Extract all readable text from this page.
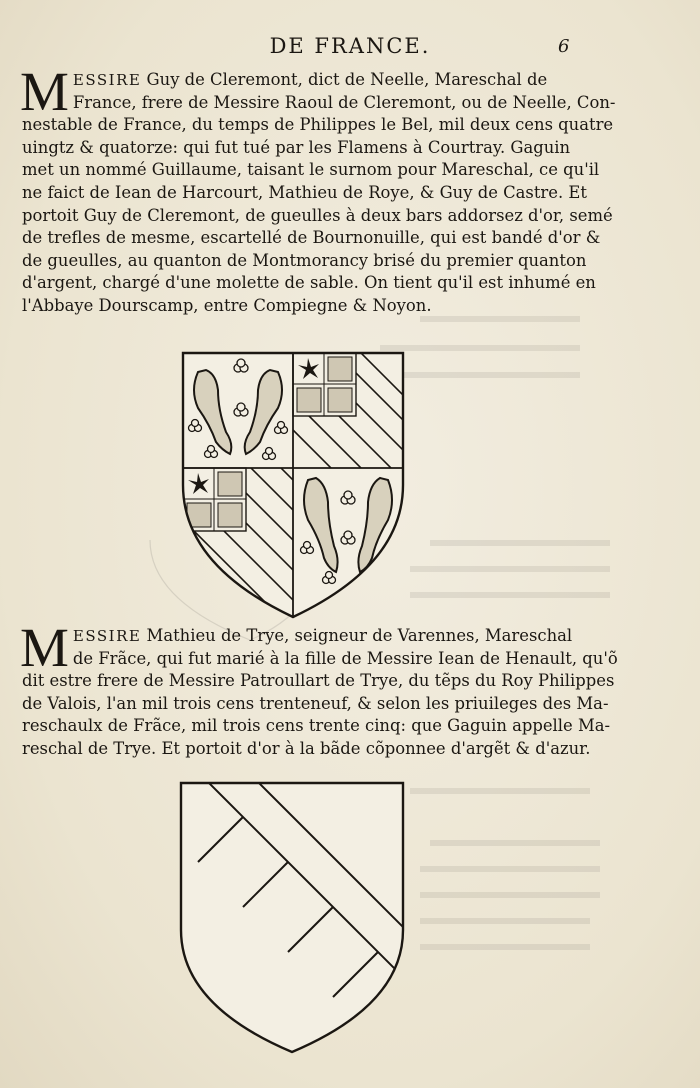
DE FRANCE.	6
M ESSIRE Guy de Cleremont, dict de Neelle, Mareschal de
France, frere de Messire Raoul de Cleremont, ou de Neelle, Con-
nestable de France, du temps de Philippes le Bel, mil deux cens quatre
uingtz & quatorze: qui fut tué par les Flamens à Courtray. Gaguin
met un nommé Guillaume, taisant le surnom pour Mareschal, ce qu'il
ne faict de Iean de Harcourt, Mathieu de Roye, & Guy de Castre. Et
portoit Guy de Cleremont, de gueulles à deux bars addorsez d'or, semé
de trefles de mesme, escartellé de Bournonuille, qui est bandé d'or &
de gueulles, au quanton de Montmorancy brisé du premier quanton
d'argent, chargé d'une molette de sable. On tient qu'il est inhumé en
l'Abbaye Dourscamp, entre Compiegne & Noyon.
M ESSIRE Mathieu de Trye, seigneur de Varennes, Mareschal
de Frãce, qui fut marié à la fille de Messire Iean de Henault, qu'õ
dit estre frere de Messire Patroullart de Trye, du tẽps du Roy Philippes
de Valois, l'an mil trois cens trenteneuf, & selon les priuileges des Ma-
reschaulx de Frãce, mil trois cens trente cinq: que Gaguin appelle Ma-
reschal de Trye. Et portoit d'or à la bãde cõponnee d'argẽt & d'azur.
